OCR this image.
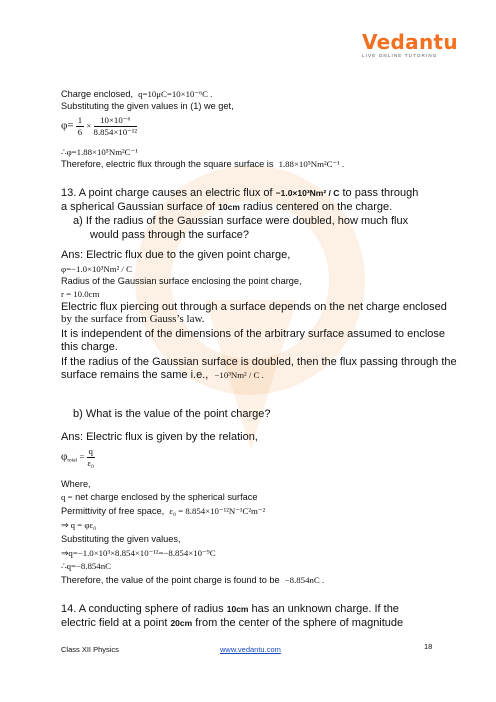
Vedantu
LIVE ONLINE TUTORING
Charge enclosed, q=10μC=10×10⁻⁶C .
Substituting the given values in (1) we get,
$\varphi= \frac{1}{6} \times \frac{\text{10×10⁻⁶}}{\text{8.854×10⁻¹²}}$
∴φ=1.88×10⁵Nm²C⁻¹
Therefore, electric flux through the square surface is 1.88×10⁵Nm²C⁻¹ .
13. A point charge causes an electric flux of −1.0×10³Nm² / C to pass through
a spherical Gaussian surface of 10cm radius centered on the charge.
a) If the radius of the Gaussian surface were doubled, how much flux
would pass through the surface?
Ans: Electric flux due to the given point charge,
φ=−1.0×10³Nm² / C
Radius of the Gaussian surface enclosing the point charge,
r = 10.0cm
Electric flux piercing out through a surface depends on the net charge enclosed
by the surface from Gauss’s law.
It is independent of the dimensions of the arbitrary surface assumed to enclose
this charge.
If the radius of the Gaussian surface is doubled, then the flux passing through the
surface remains the same i.e., −10³Nm² / C .
b) What is the value of the point charge?
Ans: Electric flux is given by the relation,
$\varphi_{total} = \frac{q}{\text{ε₀}}$
Where,
q = net charge enclosed by the spherical surface
Permittivity of free space, ε₀ = 8.854×10⁻¹²N⁻¹C²m⁻²
⇒ q = φε₀
Substituting the given values,
⇒q=−1.0×10³×8.854×10⁻¹²=−8.854×10⁻⁹C
∴q=−8.854nC
Therefore, the value of the point charge is found to be −8.854nC .
14. A conducting sphere of radius 10cm has an unknown charge. If the
electric field at a point 20cm from the center of the sphere of magnitude
Class XII Physics	www.vedantu.com	18
